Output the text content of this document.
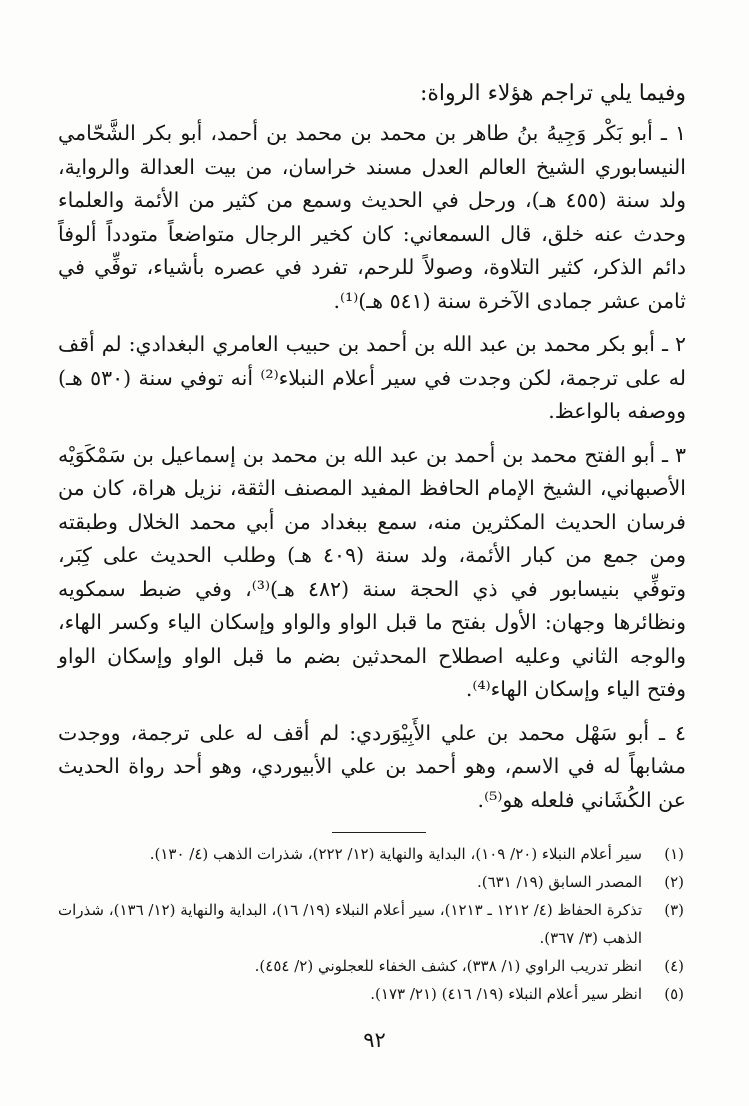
وفيما يلي تراجم هؤلاء الرواة:

١ ـ أبو بَكْر وَجِيهُ بنُ طاهر بن محمد بن محمد بن أحمد، أبو بكر الشَّحّامي النيسابوري الشيخ العالم العدل مسند خراسان، من بيت العدالة والرواية، ولد سنة (٤٥٥ هـ)، ورحل في الحديث وسمع من كثير من الأئمة والعلماء وحدث عنه خلق، قال السمعاني: كان كخير الرجال متواضعاً متودداً ألوفاً دائم الذكر، كثير التلاوة، وصولاً للرحم، تفرد في عصره بأشياء، توفِّي في ثامن عشر جمادى الآخرة سنة (٥٤١ هـ)⁽¹⁾.

٢ ـ أبو بكر محمد بن عبد الله بن أحمد بن حبيب العامري البغدادي: لم أقف له على ترجمة، لكن وجدت في سير أعلام النبلاء⁽²⁾ أنه توفي سنة (٥٣٠ هـ) ووصفه بالواعظ.

٣ ـ أبو الفتح محمد بن أحمد بن عبد الله بن محمد بن إسماعيل بن سَمْكَوَيْه الأصبهاني، الشيخ الإمام الحافظ المفيد المصنف الثقة، نزيل هراة، كان من فرسان الحديث المكثرين منه، سمع ببغداد من أبي محمد الخلال وطبقته ومن جمع من كبار الأئمة، ولد سنة (٤٠٩ هـ) وطلب الحديث على كِبَر، وتوفِّي بنيسابور في ذي الحجة سنة (٤٨٢ هـ)⁽³⁾، وفي ضبط سمكويه ونظائرها وجهان: الأول بفتح ما قبل الواو والواو وإسكان الياء وكسر الهاء، والوجه الثاني وعليه اصطلاح المحدثين بضم ما قبل الواو وإسكان الواو وفتح الياء وإسكان الهاء⁽⁴⁾.

٤ ـ أبو سَهْل محمد بن علي الأَبِيْوَردي: لم أقف له على ترجمة، ووجدت مشابهاً له في الاسم، وهو أحمد بن علي الأبيوردي، وهو أحد رواة الحديث عن الكُشَاني فلعله هو⁽⁵⁾.

(١)
سير أعلام النبلاء (٢٠/ ١٠٩)، البداية والنهاية (١٢/ ٢٢٢)، شذرات الذهب (٤/ ١٣٠).
(٢)
المصدر السابق (١٩/ ٦٣١).
(٣)
تذكرة الحفاظ (٤/ ١٢١٢ ـ ١٢١٣)، سير أعلام النبلاء (١٩/ ١٦)، البداية والنهاية (١٢/ ١٣٦)، شذرات الذهب (٣/ ٣٦٧).
(٤)
انظر تدريب الراوي (١/ ٣٣٨)، كشف الخفاء للعجلوني (٢/ ٤٥٤).
(٥)
انظر سير أعلام النبلاء (١٩/ ٤١٦) (٢١/ ١٧٣).
٩٢
